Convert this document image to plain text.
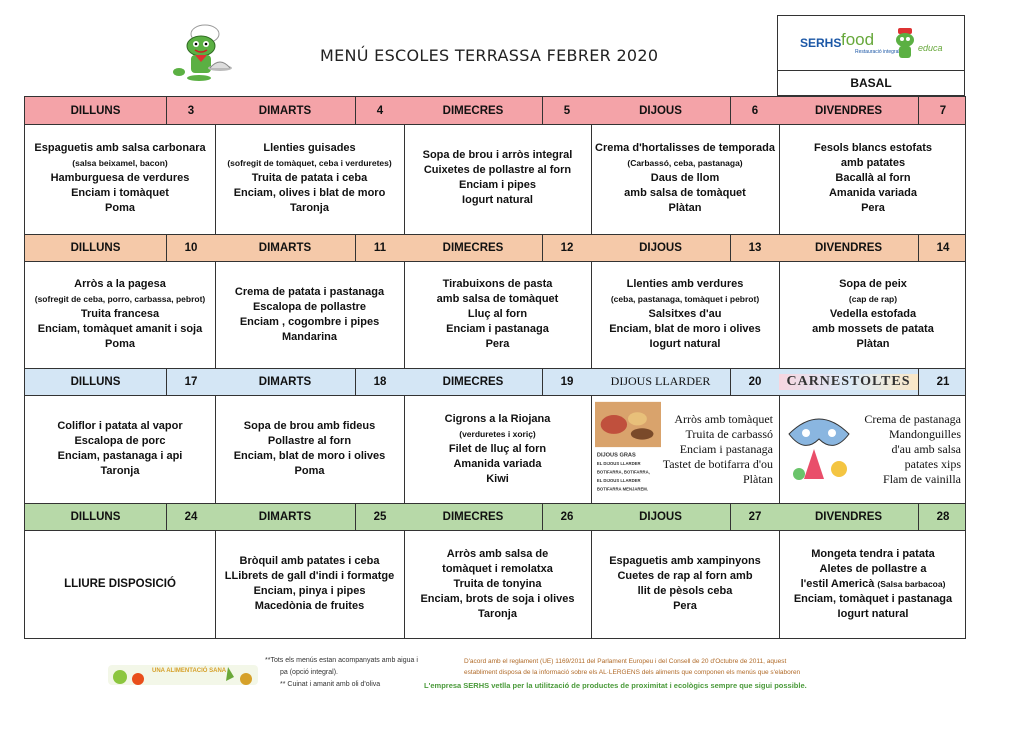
MENÚ ESCOLES TERRASSA FEBRER 2020
SERHS food
Restauració integral educa
BASAL
DILLUNS	3	DIMARTS	4	DIMECRES	5	DIJOUS	6	DIVENDRES	7
Espaguetis amb salsa carbonara
(salsa beixamel, bacon)
Hamburguesa de verdures
Enciam i tomàquet
Poma
Llenties guisades
(sofregit de tomàquet, ceba i verduretes)
Truita de patata i ceba
Enciam, olives i blat de moro
Taronja
Sopa de brou i arròs integral
Cuixetes de pollastre al forn
Enciam i pipes
Iogurt natural
Crema d'hortalisses de temporada
(Carbassó, ceba, pastanaga)
Daus de llom
amb salsa de tomàquet
Plàtan
Fesols blancs estofats
amb patates
Bacallà al forn
Amanida variada
Pera
DILLUNS	10	DIMARTS	11	DIMECRES	12	DIJOUS	13	DIVENDRES	14
Arròs a la pagesa
(sofregit de ceba, porro, carbassa, pebrot)
Truita francesa
Enciam, tomàquet amanit i soja
Poma
Crema de patata i pastanaga
Escalopa de pollastre
Enciam , cogombre i pipes
Mandarina
Tirabuixons de pasta
amb salsa de tomàquet
Lluç al forn
Enciam i pastanaga
Pera
Llenties amb verdures
(ceba, pastanaga, tomàquet i pebrot)
Salsitxes d'au
Enciam, blat de moro i olives
Iogurt natural
Sopa de peix
(cap de rap)
Vedella estofada
amb mossets de patata
Plàtan
DILLUNS	17	DIMARTS	18	DIMECRES	19	DIJOUS LLARDER	20	CARNESTOLTES	21
Coliflor i patata al vapor
Escalopa de porc
Enciam, pastanaga i api
Taronja
Sopa de brou amb fideus
Pollastre al forn
Enciam, blat de moro i olives
Poma
Cigrons a la Riojana
(verduretes i xoriç)
Filet de lluç al forn
Amanida variada
Kiwi
DIJOUS GRAS
EL DIJOUS LLARDER
BOTIFARRA, BOTIFARRA,
EL DIJOUS LLARDER
BOTIFARRA MENJAREM.
Arròs amb tomàquet
Truita de carbassó
Enciam i pastanaga
Tastet de botifarra d'ou
Plàtan
Crema de pastanaga
Mandonguilles
d'au amb salsa
patates xips
Flam de vainilla
DILLUNS	24	DIMARTS	25	DIMECRES	26	DIJOUS	27	DIVENDRES	28
LLIURE DISPOSICIÓ
Bròquil amb patates i ceba
LLibrets de gall d'indi i formatge
Enciam, pinya i pipes
Macedònia de fruites
Arròs amb salsa de
tomàquet i remolatxa
Truita de tonyina
Enciam, brots de soja i olives
Taronja
Espaguetis amb xampinyons
Cuetes de rap al forn amb
llit de pèsols ceba
Pera
Mongeta tendra i patata
Aletes de pollastre a
l'estil Americà (Salsa barbacoa)
Enciam, tomàquet i pastanaga
Iogurt natural
UNA ALIMENTACIÓ SANA
**Tots els menús estan acompanyats amb aigua i
pa (opció integral).
** Cuinat i amanit amb oli d'oliva
D'acord amb el reglament (UE) 1169/2011 del Parlament Europeu i del Consell de 20 d'Octubre de 2011, aquest
establiment disposa de la informació sobre els AL·LERGENS dels aliments que componen els menús que s'elaboren
L'empresa SERHS vetlla per la utilització de productes de proximitat i ecològics sempre que sigui possible.
